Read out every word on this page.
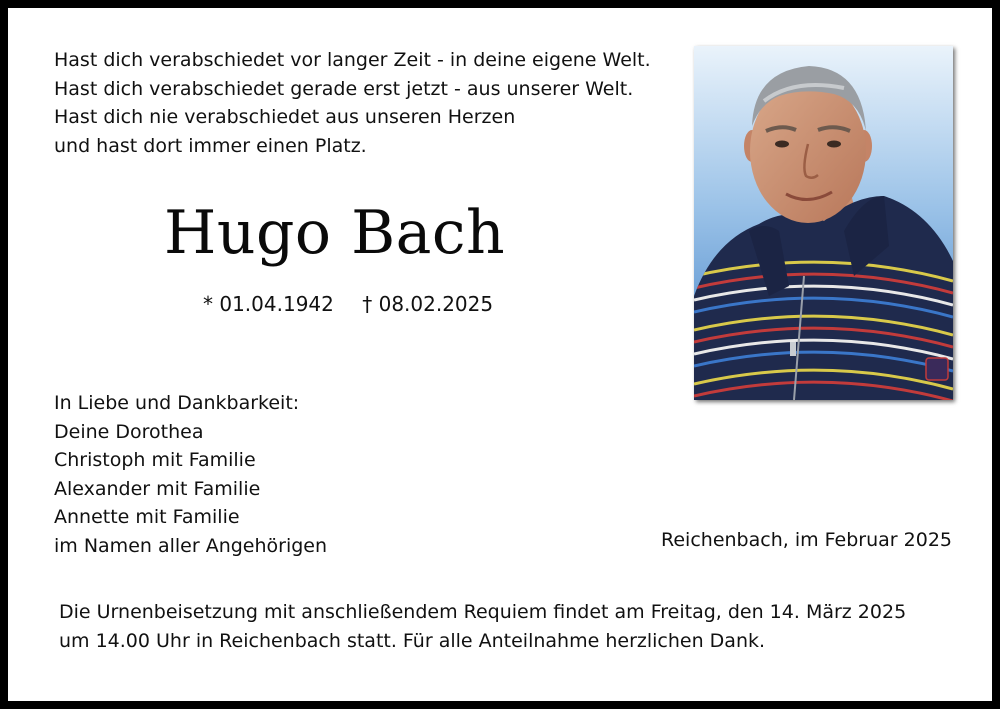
Hast dich verabschiedet vor langer Zeit - in deine eigene Welt.
Hast dich verabschiedet gerade erst jetzt - aus unserer Welt.
Hast dich nie verabschiedet aus unseren Herzen
und hast dort immer einen Platz.
Hugo Bach
* 01.04.1942 † 08.02.2025
In Liebe und Dankbarkeit:
Deine Dorothea
Christoph mit Familie
Alexander mit Familie
Annette mit Familie
im Namen aller Angehörigen	Reichenbach, im Februar 2025
Die Urnenbeisetzung mit anschließendem Requiem findet am Freitag, den 14. März 2025
um 14.00 Uhr in Reichenbach statt. Für alle Anteilnahme herzlichen Dank.
